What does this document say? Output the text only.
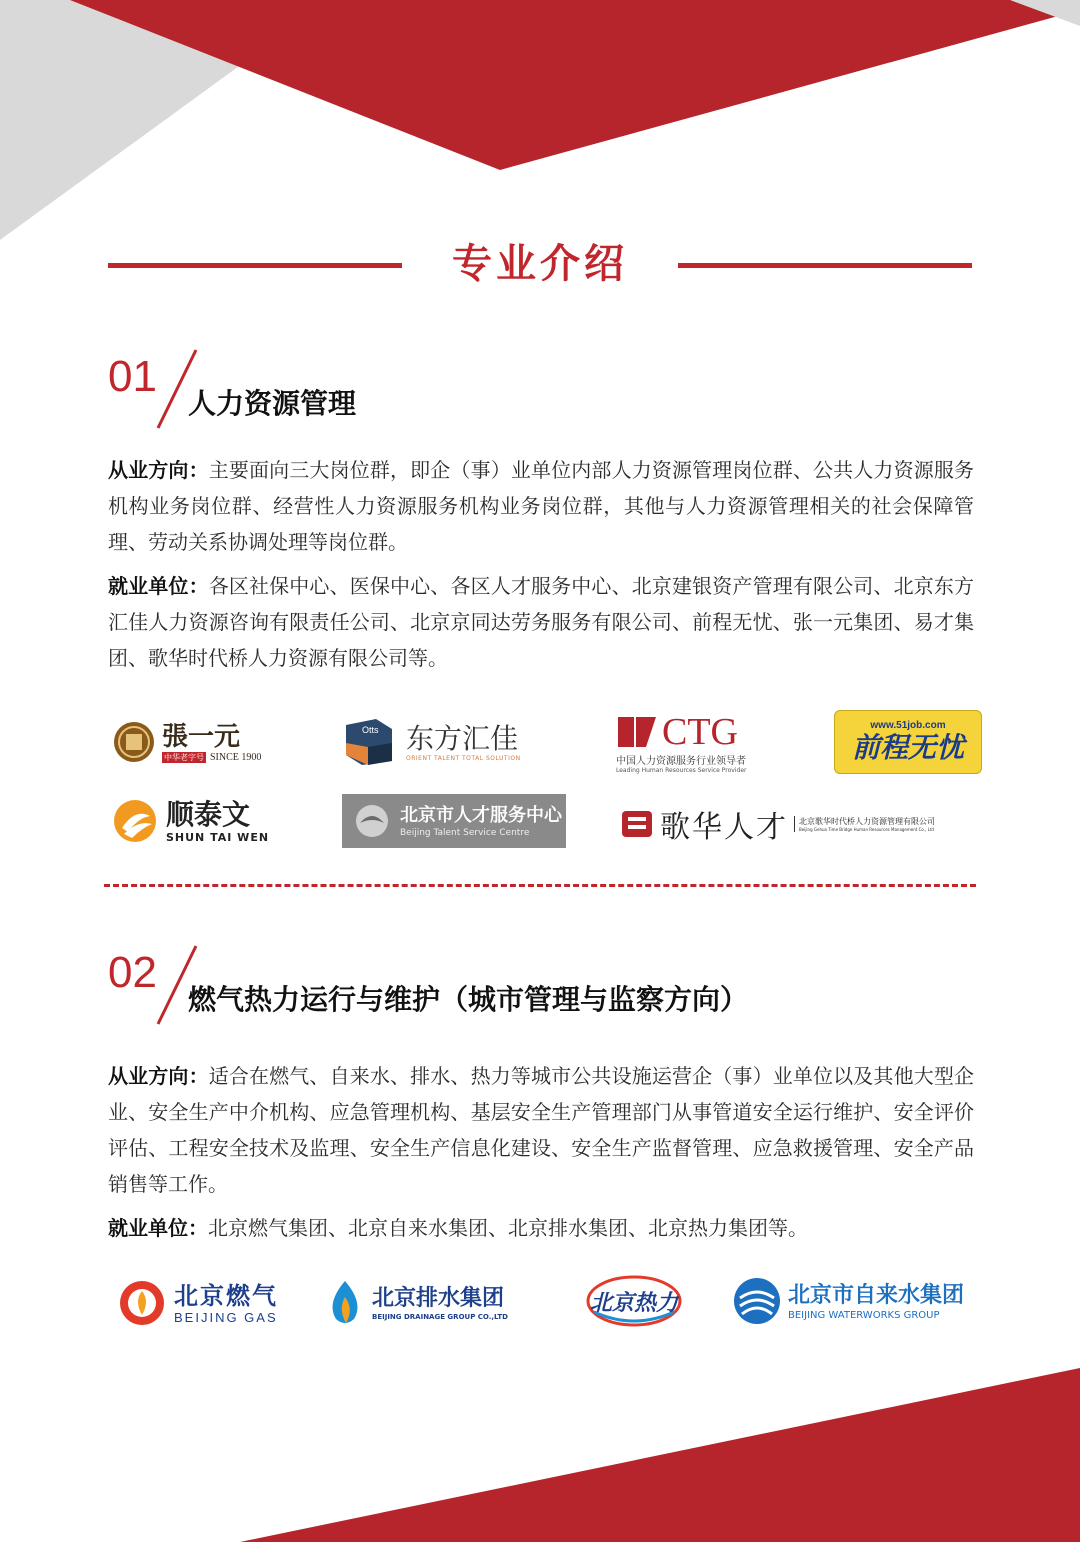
专业介绍
01
人力资源管理

从业方向：主要面向三大岗位群，即企（事）业单位内部人力资源管理岗位群、公共人力资源服务机构业务岗位群、经营性人力资源服务机构业务岗位群，其他与人力资源管理相关的社会保障管理、劳动关系协调处理等岗位群。

就业单位：各区社保中心、医保中心、各区人才服务中心、北京建银资产管理有限公司、北京东方汇佳人力资源咨询有限责任公司、北京京同达劳务服务有限公司、前程无忧、张一元集团、易才集团、歌华时代桥人力资源有限公司等。

張一元
中华老字号 SINCE 1900
Otts 东方汇佳
ORIENT TALENT TOTAL SOLUTION
CTG
中国人力资源服务行业领导者
Leading Human Resources Service Provider
www.51job.com
前程无忧
顺泰文
SHUN TAI WEN
北京市人才服务中心
Beijing Talent Service Centre	歌华人才 北京歌华时代桥人力资源管理有限公司
Beijing Gehua Time Bridge Human Resources Management Co., Ltd
02
燃气热力运行与维护（城市管理与监察方向）

从业方向：适合在燃气、自来水、排水、热力等城市公共设施运营企（事）业单位以及其他大型企业、安全生产中介机构、应急管理机构、基层安全生产管理部门从事管道安全运行维护、安全评价评估、工程安全技术及监理、安全生产信息化建设、安全生产监督管理、应急救援管理、安全产品销售等工作。

就业单位：北京燃气集团、北京自来水集团、北京排水集团、北京热力集团等。

北京燃气
BEIJING GAS
北京排水集团
BEIJING DRAINAGE GROUP CO.,LTD
北京热力	北京市自来水集团
BEIJING WATERWORKS GROUP
